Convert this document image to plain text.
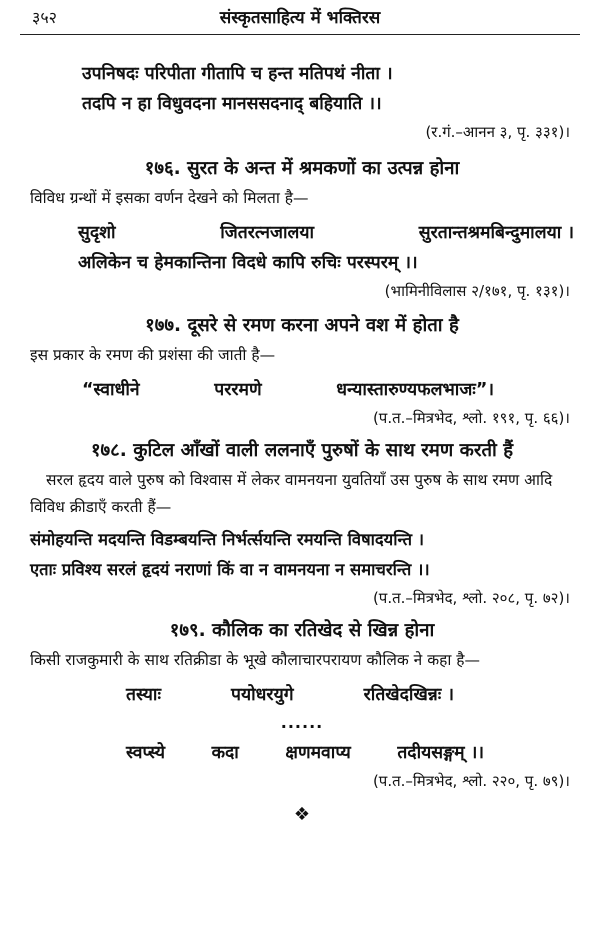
३५२	संस्कृतसाहित्य में भक्तिरस
उपनिषदः परिपीता गीतापि च हन्त मतिपथं नीता ।
तदपि न हा विधुवदना मानससदनाद् बहियाति ।।
(र.गं.–आनन ३, पृ. ३३१)।
१७६. सुरत के अन्त में श्रमकणों का उत्पन्न होना
विविध ग्रन्थों में इसका वर्णन देखने को मिलता है—
सुदृशो	जितरत्नजालया	सुरतान्तश्रमबिन्दुमालया ।
अलिकेन च हेमकान्तिना विदधे कापि रुचिः परस्परम् ।।
(भामिनीविलास २/१७१, पृ. १३१)।
१७७. दूसरे से रमण करना अपने वश में होता है
इस प्रकार के रमण की प्रशंसा की जाती है—
“स्वाधीने	पररमणे	धन्यास्तारुण्यफलभाजः”।
(प.त.–मित्रभेद, श्लो. १९१, पृ. ६६)।
१७८. कुटिल आँखों वाली ललनाएँ पुरुषों के साथ रमण करती हैं
सरल हृदय वाले पुरुष को विश्वास में लेकर वामनयना युवतियाँ उस पुरुष के साथ रमण आदि विविध क्रीडाएँ करती हैं—
संमोहयन्ति मदयन्ति विडम्बयन्ति निर्भर्त्सयन्ति रमयन्ति विषादयन्ति ।
एताः प्रविश्य सरलं हृदयं नराणां किं वा न वामनयना न समाचरन्ति ।।
(प.त.–मित्रभेद, श्लो. २०८, पृ. ७२)।
१७९. कौलिक का रतिखेद से खिन्न होना
किसी राजकुमारी के साथ रतिक्रीडा के भूखे कौलाचारपरायण कौलिक ने कहा है—
तस्याः	पयोधरयुगे	रतिखेदखिन्नः ।
......
स्वप्स्ये	कदा	क्षणमवाप्य	तदीयसङ्गम् ।।
(प.त.–मित्रभेद, श्लो. २२०, पृ. ७९)।
❖
